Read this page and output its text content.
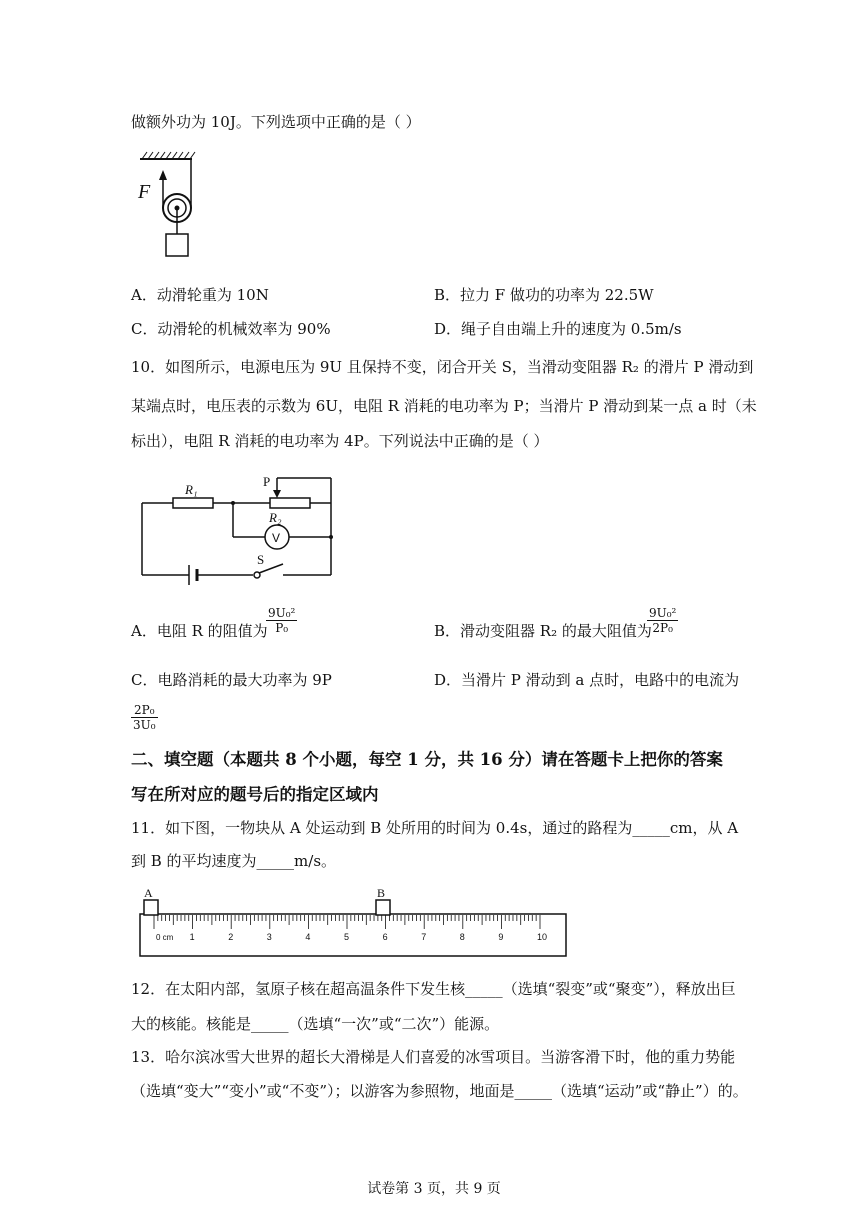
做额外功为 10J。下列选项中正确的是（ ）
F
A．动滑轮重为 10N	B．拉力 F 做功的功率为 22.5W
C．动滑轮的机械效率为 90%	D．绳子自由端上升的速度为 0.5m/s
10．如图所示，电源电压为 9U 且保持不变，闭合开关 S，当滑动变阻器 R₂ 的滑片 P 滑动到
某端点时，电压表的示数为 6U，电阻 R 消耗的电功率为 P；当滑片 P 滑动到某一点 a 时（未
标出），电阻 R 消耗的电功率为 4P。下列说法中正确的是（ ）
R₁
P
R₂
V
S
A．电阻 R 的阻值为
$\frac{\text{9U₀²}}{\text{P₀}}$	B．滑动变阻器 R₂ 的最大阻值为
$\frac{\text{9U₀²}}{\text{2P₀}}$
C．电路消耗的最大功率为 9P	D．当滑片 P 滑动到 a 点时，电路中的电流为
$\frac{\text{2P₀}}{\text{3U₀}}$
二、填空题（本题共 8 个小题，每空 1 分，共 16 分）请在答题卡上把你的答案
写在所对应的题号后的指定区域内
11．如下图，一物块从 A 处运动到 B 处所用的时间为 0.4s，通过的路程为_____cm，从 A
到 B 的平均速度为_____m/s。
A	B
0 cm 1	2	3	4	5	6	7	8	9	10
12．在太阳内部，氢原子核在超高温条件下发生核_____（选填“裂变”或“聚变”），释放出巨
大的核能。核能是_____（选填“一次”或“二次”）能源。
13．哈尔滨冰雪大世界的超长大滑梯是人们喜爱的冰雪项目。当游客滑下时，他的重力势能
（选填“变大”“变小”或“不变”）；以游客为参照物，地面是_____（选填“运动”或“静止”）的。
试卷第 3 页，共 9 页
